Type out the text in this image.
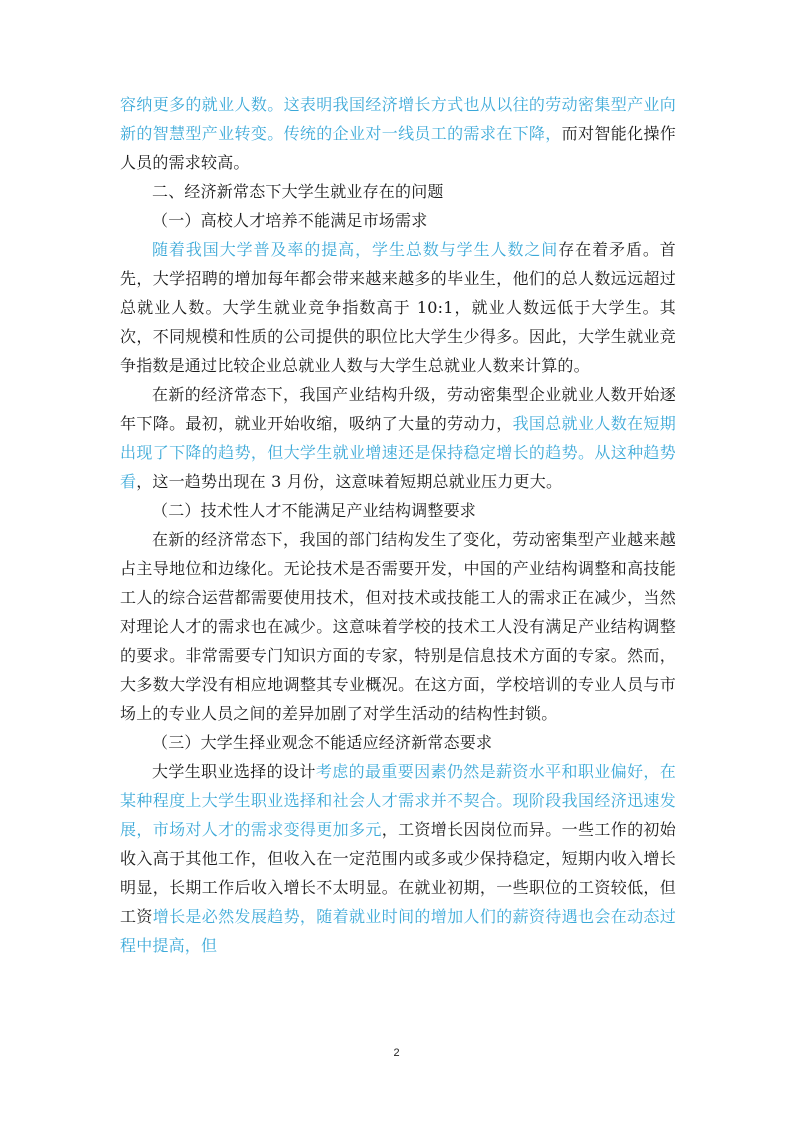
容纳更多的就业人数。这表明我国经济增长方式也从以往的劳动密集型产业向新的智慧型产业转变。传统的企业对一线员工的需求在下降，而对智能化操作人员的需求较高。

二、经济新常态下大学生就业存在的问题

（一）高校人才培养不能满足市场需求

随着我国大学普及率的提高，学生总数与学生人数之间存在着矛盾。首先，大学招聘的增加每年都会带来越来越多的毕业生，他们的总人数远远超过总就业人数。大学生就业竞争指数高于 10:1，就业人数远低于大学生。其次，不同规模和性质的公司提供的职位比大学生少得多。因此，大学生就业竞争指数是通过比较企业总就业人数与大学生总就业人数来计算的。

在新的经济常态下，我国产业结构升级，劳动密集型企业就业人数开始逐年下降。最初，就业开始收缩，吸纳了大量的劳动力，我国总就业人数在短期出现了下降的趋势，但大学生就业增速还是保持稳定增长的趋势。从这种趋势看，这一趋势出现在 3 月份，这意味着短期总就业压力更大。

（二）技术性人才不能满足产业结构调整要求

在新的经济常态下，我国的部门结构发生了变化，劳动密集型产业越来越占主导地位和边缘化。无论技术是否需要开发，中国的产业结构调整和高技能工人的综合运营都需要使用技术，但对技术或技能工人的需求正在减少，当然对理论人才的需求也在减少。这意味着学校的技术工人没有满足产业结构调整的要求。非常需要专门知识方面的专家，特别是信息技术方面的专家。然而，大多数大学没有相应地调整其专业概况。在这方面，学校培训的专业人员与市场上的专业人员之间的差异加剧了对学生活动的结构性封锁。

（三）大学生择业观念不能适应经济新常态要求

大学生职业选择的设计考虑的最重要因素仍然是薪资水平和职业偏好，在某种程度上大学生职业选择和社会人才需求并不契合。现阶段我国经济迅速发展，市场对人才的需求变得更加多元，工资增长因岗位而异。一些工作的初始收入高于其他工作，但收入在一定范围内或多或少保持稳定，短期内收入增长明显，长期工作后收入增长不太明显。在就业初期，一些职位的工资较低，但工资增长是必然发展趋势，随着就业时间的增加人们的薪资待遇也会在动态过程中提高，但

2
